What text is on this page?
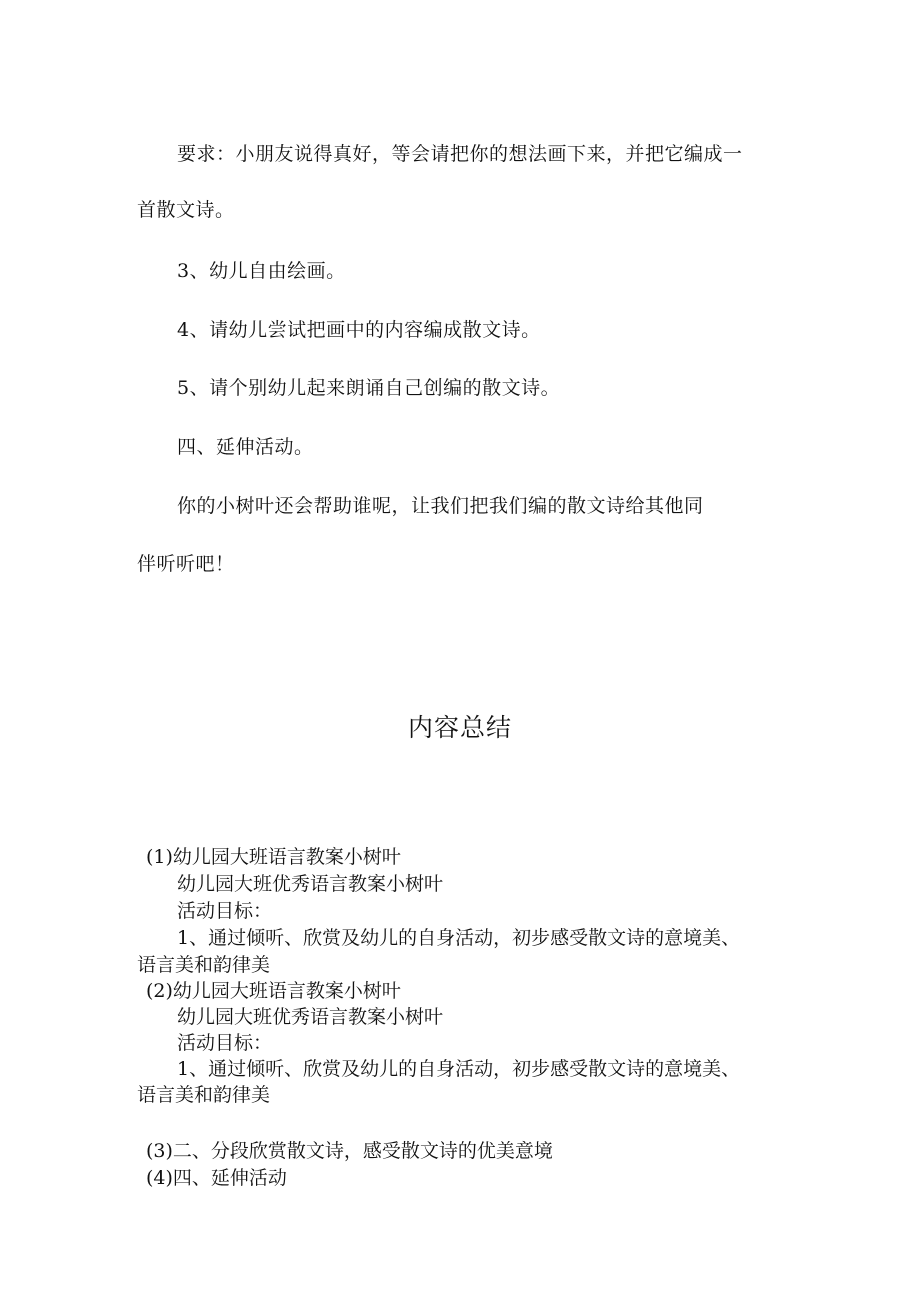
要求：小朋友说得真好，等会请把你的想法画下来，并把它编成一
首散文诗。
3、幼儿自由绘画。
4、请幼儿尝试把画中的内容编成散文诗。
5、请个别幼儿起来朗诵自己创编的散文诗。
四、延伸活动。
你的小树叶还会帮助谁呢，让我们把我们编的散文诗给其他同
伴听听吧！
内容总结
(1)幼儿园大班语言教案小树叶
幼儿园大班优秀语言教案小树叶
活动目标：
1、通过倾听、欣赏及幼儿的自身活动，初步感受散文诗的意境美、
语言美和韵律美
(2)幼儿园大班语言教案小树叶
幼儿园大班优秀语言教案小树叶
活动目标：
1、通过倾听、欣赏及幼儿的自身活动，初步感受散文诗的意境美、
语言美和韵律美
(3)二、分段欣赏散文诗，感受散文诗的优美意境
(4)四、延伸活动
